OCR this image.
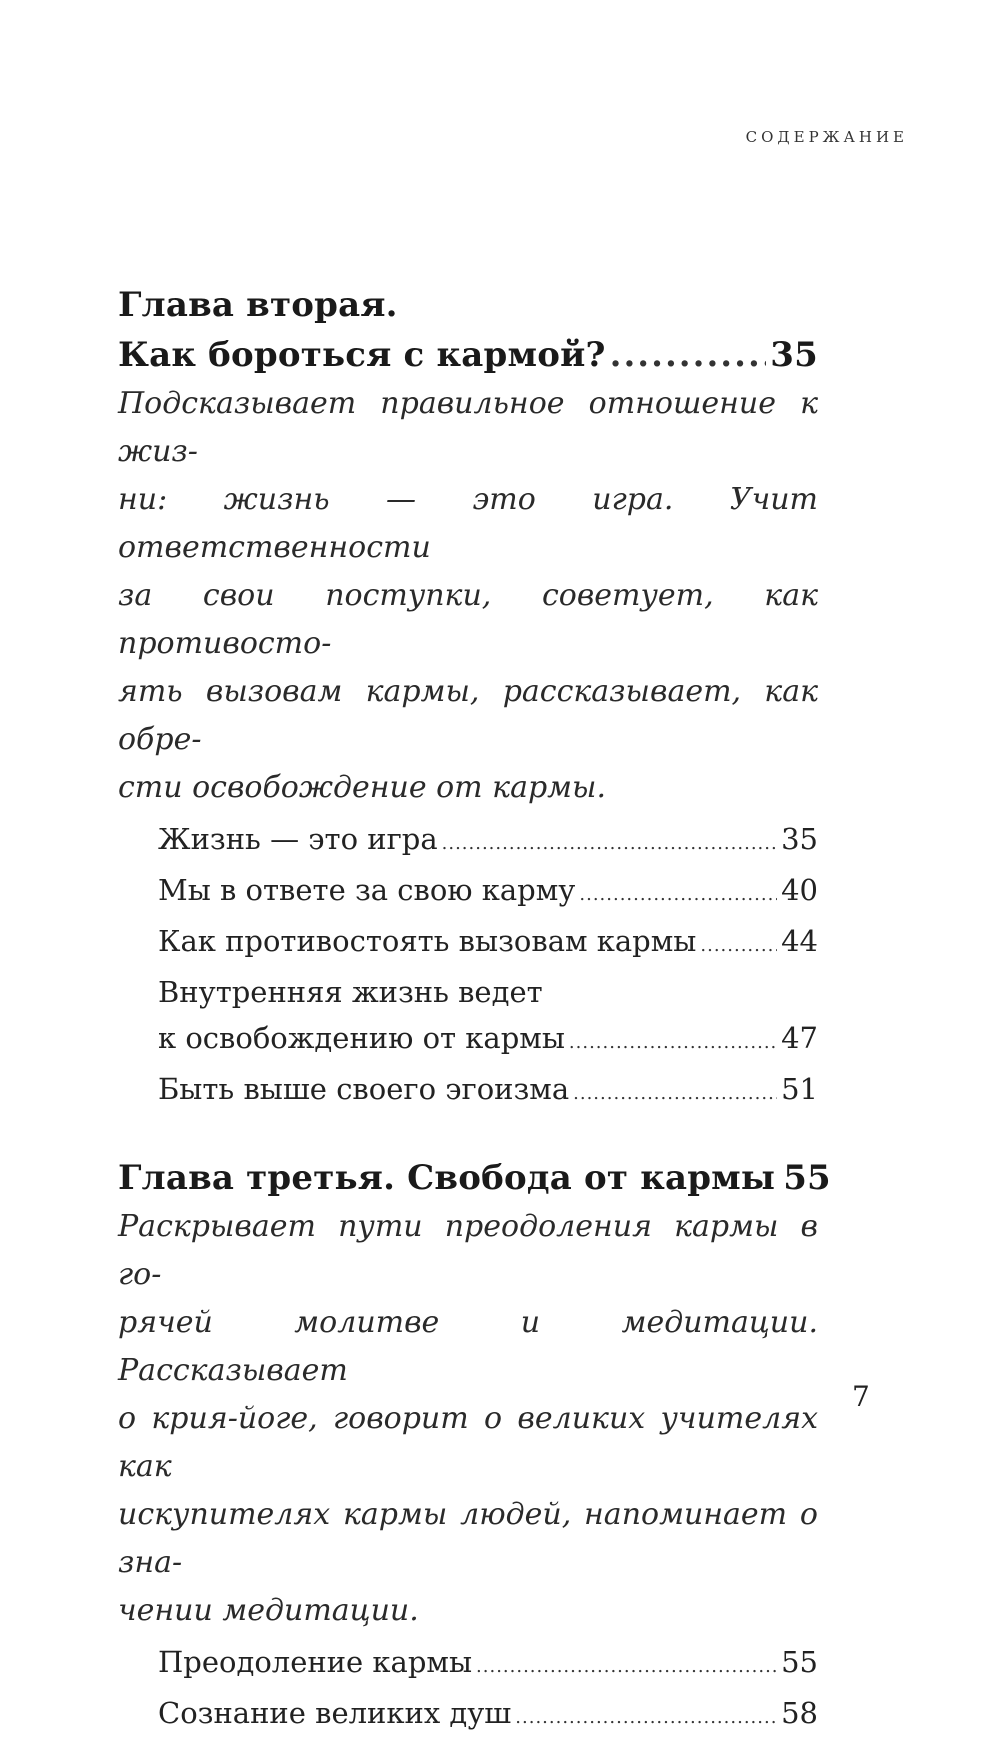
СОДЕРЖАНИЕ
Глава вторая.
Как бороться с кармой? .....	35
Подсказывает правильное отношение к жиз-
ни: жизнь — это игра. Учит ответственности
за свои поступки, советует, как противосто-
ять вызовам кармы, рассказывает, как обре-
сти освобождение от кармы.
Жизнь — это игра .....	35
Мы в ответе за свою карму .....	40
Как противостоять вызовам кармы .....	44
Внутренняя жизнь ведет
к освобождению от кармы .....	47
Быть выше своего эгоизма .....	51
Глава третья. Свобода от кармы 55
Раскрывает пути преодоления кармы в го-
рячей молитве и медитации. Рассказывает
о крия-йоге, говорит о великих учителях как
искупителях кармы людей, напоминает о зна-
чении медитации.
Преодоление кармы .....	55
Сознание великих душ .....	58
7
